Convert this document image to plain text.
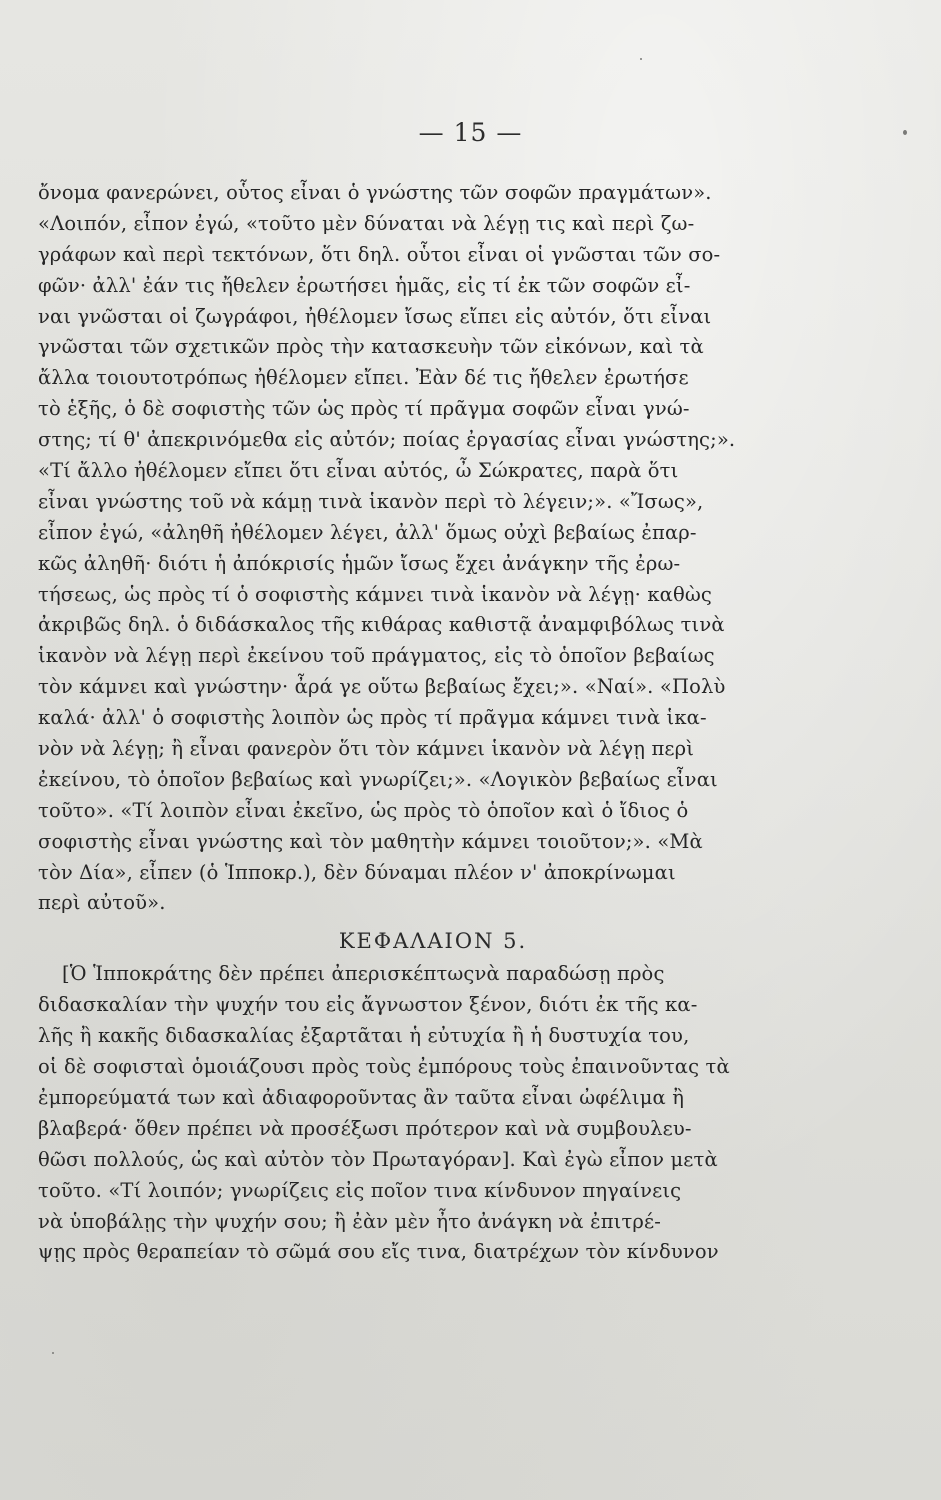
— 15 —
ὄνομα φανερώνει, οὗτος εἶναι ὁ γνώστης τῶν σοφῶν πραγμάτων».
«Λοιπόν, εἶπον ἐγώ, «τοῦτο μὲν δύναται νὰ λέγῃ τις καὶ περὶ ζω-
γράφων καὶ περὶ τεκτόνων, ὅτι δηλ. οὗτοι εἶναι οἱ γνῶσται τῶν σο-
φῶν· ἀλλ' ἐάν τις ἤθελεν ἐρωτήσει ἡμᾶς, εἰς τί ἐκ τῶν σοφῶν εἶ-
ναι γνῶσται οἱ ζωγράφοι, ἠθέλομεν ἴσως εἴπει εἰς αὐτόν, ὅτι εἶναι
γνῶσται τῶν σχετικῶν πρὸς τὴν κατασκευὴν τῶν εἰκόνων, καὶ τὰ
ἄλλα τοιουτοτρόπως ἠθέλομεν εἴπει. Ἐὰν δέ τις ἤθελεν ἐρωτήσε
τὸ ἑξῆς, ὁ δὲ σοφιστὴς τῶν ὡς πρὸς τί πρᾶγμα σοφῶν εἶναι γνώ-
στης; τί θ' ἀπεκρινόμεθα εἰς αὐτόν; ποίας ἐργασίας εἶναι γνώστης;».
«Τί ἄλλο ἠθέλομεν εἴπει ὅτι εἶναι αὐτός, ὦ Σώκρατες, παρὰ ὅτι
εἶναι γνώστης τοῦ νὰ κάμῃ τινὰ ἱκανὸν περὶ τὸ λέγειν;». «Ἴσως»,
εἶπον ἐγώ, «ἀληθῆ ἠθέλομεν λέγει, ἀλλ' ὅμως οὐχὶ βεβαίως ἐπαρ-
κῶς ἀληθῆ· διότι ἡ ἀπόκρισίς ἡμῶν ἴσως ἔχει ἀνάγκην τῆς ἐρω-
τήσεως, ὡς πρὸς τί ὁ σοφιστὴς κάμνει τινὰ ἱκανὸν νὰ λέγῃ· καθὼς
ἀκριβῶς δηλ. ὁ διδάσκαλος τῆς κιθάρας καθιστᾷ ἀναμφιβόλως τινὰ
ἱκανὸν νὰ λέγῃ περὶ ἐκείνου τοῦ πράγματος, εἰς τὸ ὁποῖον βεβαίως
τὸν κάμνει καὶ γνώστην· ἆρά γε οὕτω βεβαίως ἔχει;». «Ναί». «Πολὺ
καλά· ἀλλ' ὁ σοφιστὴς λοιπὸν ὡς πρὸς τί πρᾶγμα κάμνει τινὰ ἱκα-
νὸν νὰ λέγῃ; ἢ εἶναι φανερὸν ὅτι τὸν κάμνει ἱκανὸν νὰ λέγῃ περὶ
ἐκείνου, τὸ ὁποῖον βεβαίως καὶ γνωρίζει;». «Λογικὸν βεβαίως εἶναι
τοῦτο». «Τί λοιπὸν εἶναι ἐκεῖνο, ὡς πρὸς τὸ ὁποῖον καὶ ὁ ἴδιος ὁ
σοφιστὴς εἶναι γνώστης καὶ τὸν μαθητὴν κάμνει τοιοῦτον;». «Μὰ
τὸν Δία», εἶπεν (ὁ Ἱπποκρ.), δὲν δύναμαι πλέον ν' ἀποκρίνωμαι
περὶ αὐτοῦ».
ΚΕΦΑΛΑΙΟΝ 5.
[Ὁ Ἱπποκράτης δὲν πρέπει ἀπερισκέπτωςνὰ παραδώσῃ πρὸς
διδασκαλίαν τὴν ψυχήν του εἰς ἄγνωστον ξένον, διότι ἐκ τῆς κα-
λῆς ἢ κακῆς διδασκαλίας ἐξαρτᾶται ἡ εὐτυχία ἢ ἡ δυστυχία του,
οἱ δὲ σοφισταὶ ὁμοιάζουσι πρὸς τοὺς ἐμπόρους τοὺς ἐπαινοῦντας τὰ
ἐμπορεύματά των καὶ ἀδιαφοροῦντας ἂν ταῦτα εἶναι ὠφέλιμα ἢ
βλαβερά· ὅθεν πρέπει νὰ προσέξωσι πρότερον καὶ νὰ συμβουλευ-
θῶσι πολλούς, ὡς καὶ αὐτὸν τὸν Πρωταγόραν]. Καὶ ἐγὼ εἶπον μετὰ
τοῦτο. «Τί λοιπόν; γνωρίζεις εἰς ποῖον τινα κίνδυνον πηγαίνεις
νὰ ὑποβάλῃς τὴν ψυχήν σου; ἢ ἐὰν μὲν ἦτο ἀνάγκη νὰ ἐπιτρέ-
ψῃς πρὸς θεραπείαν τὸ σῶμά σου εἴς τινα, διατρέχων τὸν κίνδυνον
